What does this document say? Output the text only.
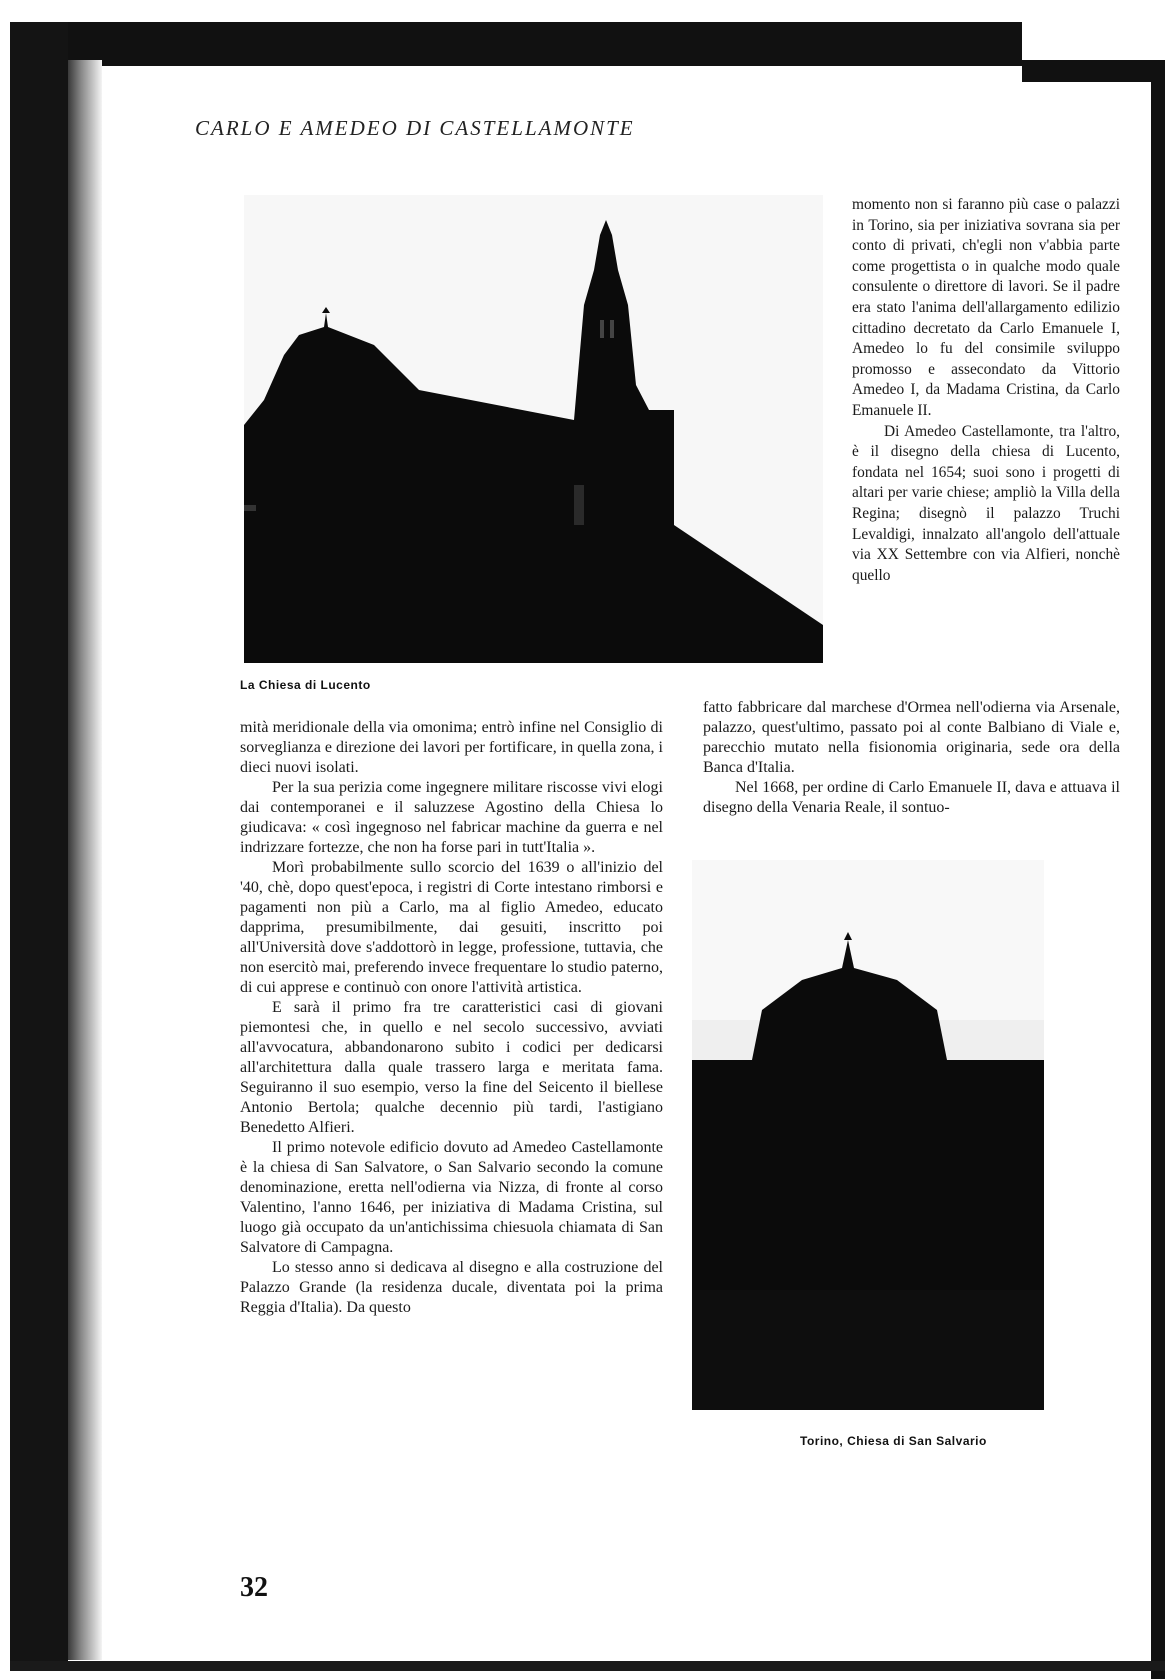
CARLO E AMEDEO DI CASTELLAMONTE
La Chiesa di Lucento

momento non si faranno più case o palazzi in Torino, sia per iniziativa sovrana sia per conto di privati, ch'egli non v'abbia parte come progettista o in qualche modo quale consulente o direttore di lavori. Se il padre era stato l'anima dell'allargamento edilizio cittadino decretato da Carlo Emanuele I, Amedeo lo fu del consimile sviluppo promosso e assecondato da Vittorio Amedeo I, da Madama Cristina, da Carlo Emanuele II.

Di Amedeo Castellamonte, tra l'altro, è il disegno della chiesa di Lucento, fondata nel 1654; suoi sono i progetti di altari per varie chiese; ampliò la Villa della Regina; disegnò il palazzo Truchi Levaldigi, innalzato all'angolo dell'attuale via XX Settembre con via Alfieri, nonchè quello

fatto fabbricare dal marchese d'Ormea nell'odierna via Arsenale, palazzo, quest'ultimo, passato poi al conte Balbiano di Viale e, parecchio mutato nella fisionomia originaria, sede ora della Banca d'Italia.

Nel 1668, per ordine di Carlo Emanuele II, dava e attuava il disegno della Venaria Reale, il sontuo-

mità meridionale della via omonima; entrò infine nel Consiglio di sorveglianza e direzione dei lavori per fortificare, in quella zona, i dieci nuovi isolati.

Per la sua perizia come ingegnere militare riscosse vivi elogi dai contemporanei e il saluzzese Agostino della Chiesa lo giudicava: « così ingegnoso nel fabricar machine da guerra e nel indrizzare fortezze, che non ha forse pari in tutt'Italia ».

Morì probabilmente sullo scorcio del 1639 o all'inizio del '40, chè, dopo quest'epoca, i registri di Corte intestano rimborsi e pagamenti non più a Carlo, ma al figlio Amedeo, educato dapprima, presumibilmente, dai gesuiti, inscritto poi all'Università dove s'addottorò in legge, professione, tuttavia, che non esercitò mai, preferendo invece frequentare lo studio paterno, di cui apprese e continuò con onore l'attività artistica.

E sarà il primo fra tre caratteristici casi di giovani piemontesi che, in quello e nel secolo successivo, avviati all'avvocatura, abbandonarono subito i codici per dedicarsi all'architettura dalla quale trassero larga e meritata fama. Seguiranno il suo esempio, verso la fine del Seicento il biellese Antonio Bertola; qualche decennio più tardi, l'astigiano Benedetto Alfieri.

Il primo notevole edificio dovuto ad Amedeo Castellamonte è la chiesa di San Salvatore, o San Salvario secondo la comune denominazione, eretta nell'odierna via Nizza, di fronte al corso Valentino, l'anno 1646, per iniziativa di Madama Cristina, sul luogo già occupato da un'antichissima chiesuola chiamata di San Salvatore di Campagna.

Lo stesso anno si dedicava al disegno e alla costruzione del Palazzo Grande (la residenza ducale, diventata poi la prima Reggia d'Italia). Da questo

Torino, Chiesa di San Salvario
32
